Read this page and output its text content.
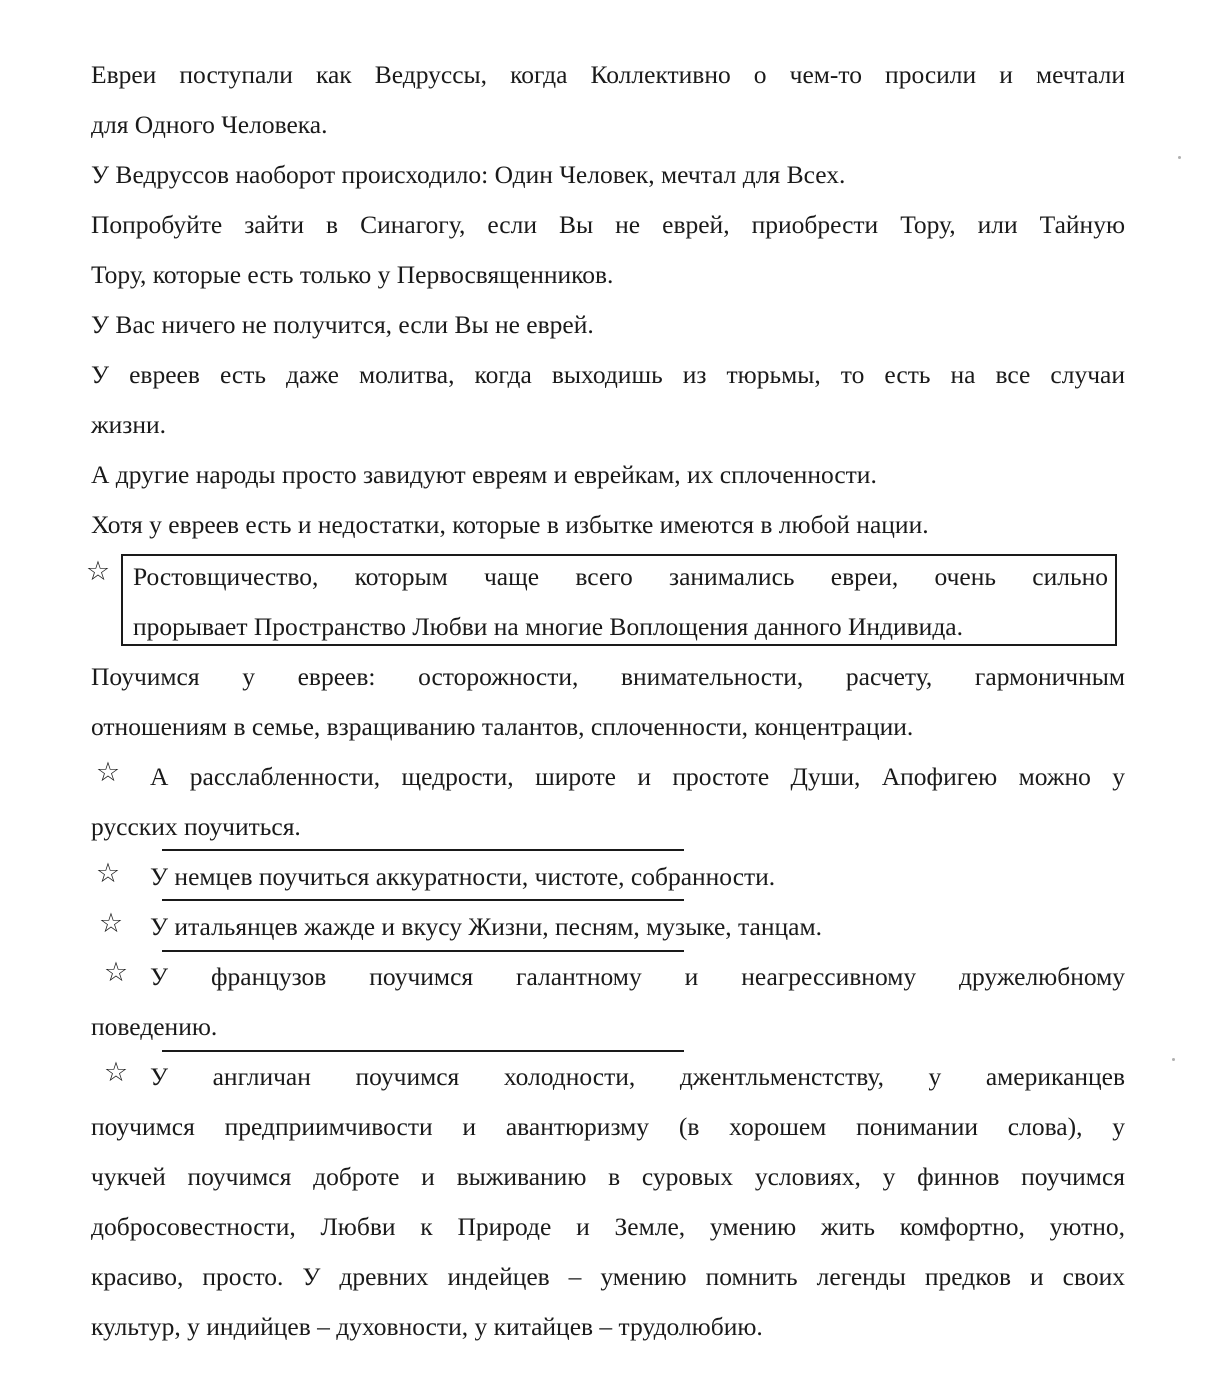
Евреи поступали как Ведруссы, когда Коллективно о чем-то просили и мечтали
для Одного Человека.
У Ведруссов наоборот происходило: Один Человек, мечтал для Всех.
Попробуйте зайти в Синагогу, если Вы не еврей, приобрести Тору, или Тайную
Тору, которые есть только у Первосвященников.
У Вас ничего не получится, если Вы не еврей.
У евреев есть даже молитва, когда выходишь из тюрьмы, то есть на все случаи
жизни.
А другие народы просто завидуют евреям и еврейкам, их сплоченности.
Хотя у евреев есть и недостатки, которые в избытке имеются в любой нации.
☆ Ростовщичество, которым чаще всего занимались евреи, очень сильно
прорывает Пространство Любви на многие Воплощения данного Индивида.
Поучимся у евреев: осторожности, внимательности, расчету, гармоничным
отношениям в семье, взращиванию талантов, сплоченности, концентрации.
☆ А расслабленности, щедрости, широте и простоте Души, Апофигею можно у
русских поучиться.
☆ У немцев поучиться аккуратности, чистоте, собранности.
☆ У итальянцев жажде и вкусу Жизни, песням, музыке, танцам.
☆ У французов поучимся галантному и неагрессивному дружелюбному
поведению.
☆ У англичан поучимся холодности, джентльменстству, у американцев
поучимся предприимчивости и авантюризму (в хорошем понимании слова), у
чукчей поучимся доброте и выживанию в суровых условиях, у финнов поучимся
добросовестности, Любви к Природе и Земле, умению жить комфортно, уютно,
красиво, просто. У древних индейцев – умению помнить легенды предков и своих
культур, у индийцев – духовности, у китайцев – трудолюбию.
